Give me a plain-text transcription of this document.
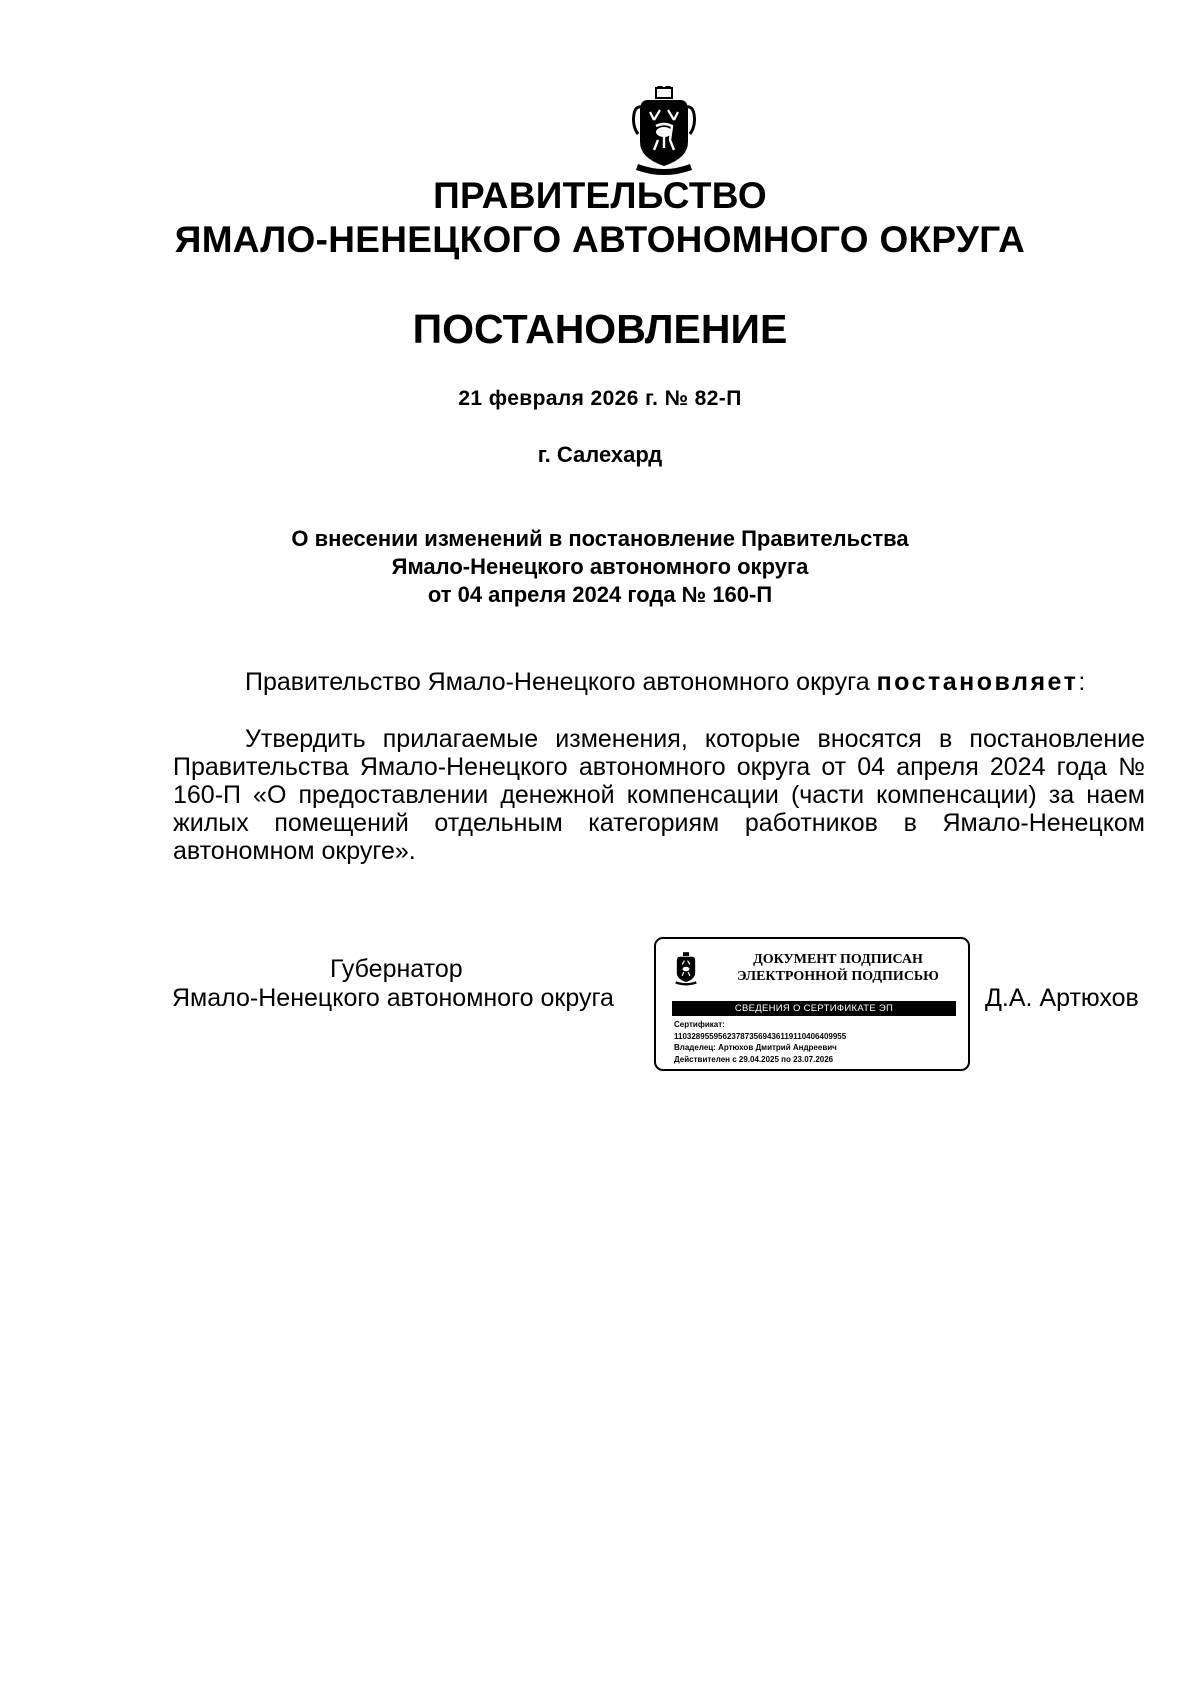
ПРАВИТЕЛЬСТВО
ЯМАЛО-НЕНЕЦКОГО АВТОНОМНОГО ОКРУГА
ПОСТАНОВЛЕНИЕ
21 февраля 2026 г. № 82-П
г. Салехард
О внесении изменений в постановление Правительства
Ямало-Ненецкого автономного округа
от 04 апреля 2024 года № 160-П
Правительство Ямало-Ненецкого автономного округа постановляет:
Утвердить прилагаемые изменения, которые вносятся в постановление Правительства Ямало-Ненецкого автономного округа от 04 апреля 2024 года № 160-П «О предоставлении денежной компенсации (части компенсации) за наем жилых помещений отдельным категориям работников в Ямало-Ненецком автономном округе».
Губернатор
Ямало-Ненецкого автономного округа
ДОКУМЕНТ ПОДПИСАН
ЭЛЕКТРОННОЙ ПОДПИСЬЮ
СВЕДЕНИЯ О СЕРТИФИКАТЕ ЭП
Сертификат:
11032895595623787356943611911040640995​5
Владелец: Артюхов Дмитрий Андреевич
Действителен с 29.04.2025 по 23.07.2026
Д.А. Артюхов
